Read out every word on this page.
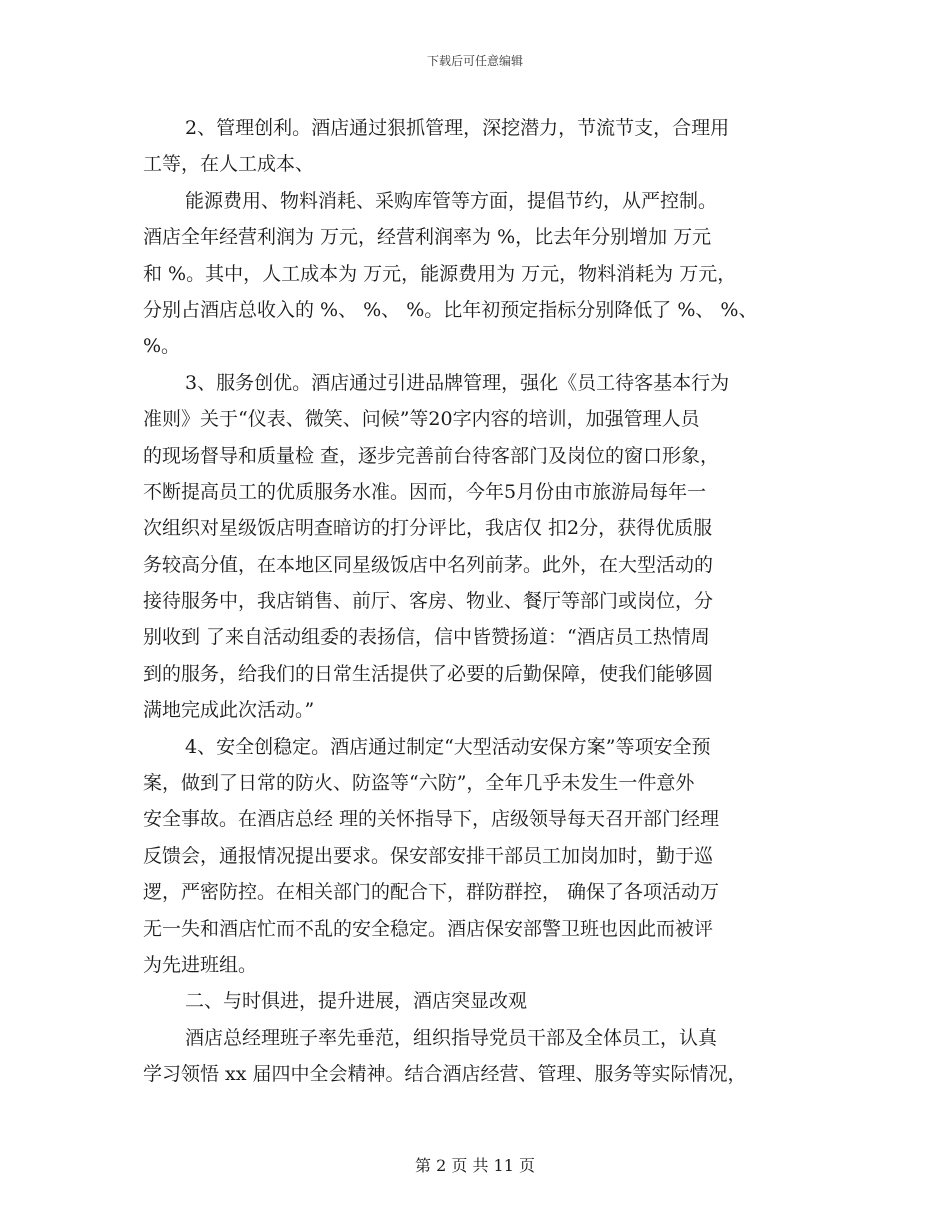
下载后可任意编辑
2、管理创利。酒店通过狠抓管理，深挖潜力，节流节支，合理用
工等，在人工成本、
能源费用、物料消耗、采购库管等方面，提倡节约，从严控制。
酒店全年经营利润为 万元，经营利润率为 %，比去年分别增加 万元
和 %。其中，人工成本为 万元，能源费用为 万元，物料消耗为 万元，
分别占酒店总收入的 %、 %、 %。比年初预定指标分别降低了 %、 %、
%。
3、服务创优。酒店通过引进品牌管理，强化《员工待客基本行为
准则》关于“仪表、微笑、问候”等20字内容的培训，加强管理人员
的现场督导和质量检 查，逐步完善前台待客部门及岗位的窗口形象，
不断提高员工的优质服务水准。因而，今年5月份由市旅游局每年一
次组织对星级饭店明查暗访的打分评比，我店仅 扣2分，获得优质服
务较高分值，在本地区同星级饭店中名列前茅。此外，在大型活动的
接待服务中，我店销售、前厅、客房、物业、餐厅等部门或岗位，分
别收到 了来自活动组委的表扬信，信中皆赞扬道：“酒店员工热情周
到的服务，给我们的日常生活提供了必要的后勤保障，使我们能够圆
满地完成此次活动。”
4、安全创稳定。酒店通过制定“大型活动安保方案”等项安全预
案，做到了日常的防火、防盗等“六防”，全年几乎未发生一件意外
安全事故。在酒店总经 理的关怀指导下，店级领导每天召开部门经理
反馈会，通报情况提出要求。保安部安排干部员工加岗加时，勤于巡
逻，严密防控。在相关部门的配合下，群防群控， 确保了各项活动万
无一失和酒店忙而不乱的安全稳定。酒店保安部警卫班也因此而被评
为先进班组。
二、与时俱进，提升进展，酒店突显改观
酒店总经理班子率先垂范，组织指导党员干部及全体员工，认真
学习领悟 xx 届四中全会精神。结合酒店经营、管理、服务等实际情况，
第 2 页 共 11 页
